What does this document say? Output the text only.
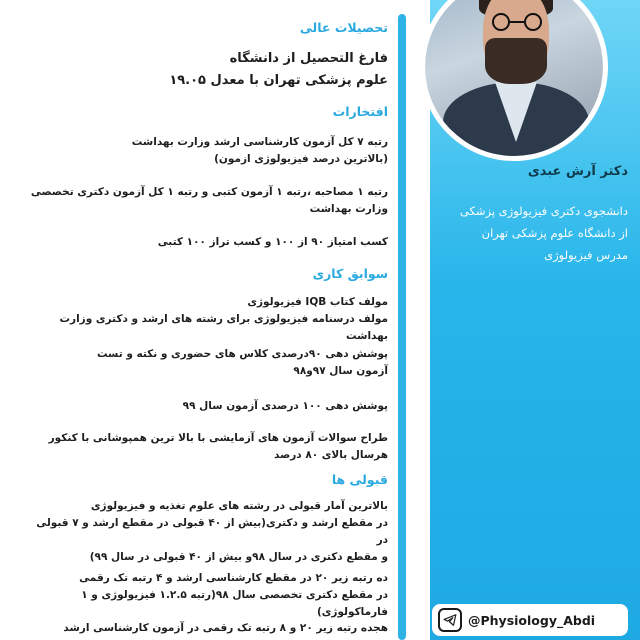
دکتر آرش عبدی
دانشجوی دکتری فیزیولوژی پزشکی
از دانشگاه علوم پزشکی تهران
مدرس فیزیولوژی
@Physiology_Abdi
تحصیلات عالی
فارغ التحصیل از دانشگاه
علوم پزشکی تهران با معدل ۱۹.۰۵
افتخارات
رتبه ۷ کل آزمون کارشناسی ارشد وزارت بهداشت
(بالاترین درصد فیزیولوژی ازمون)
رتبه ۱ مصاحبه ،رتبه ۱ آزمون کتبی و رتبه ۱ کل آزمون دکتری تخصصی
وزارت بهداشت
کسب امتیاز ۹۰ از ۱۰۰ و کسب تراز ۱۰۰ کتبی
سوابق کاری
مولف کتاب IQB فیزیولوژی
مولف درسنامه فیزیولوژی برای رشته های ارشد و دکتری وزارت بهداشت
پوشش دهی ۹۰درصدی کلاس های حضوری و نکته و تست
آزمون سال ۹۷و۹۸
پوشش دهی ۱۰۰ درصدی آزمون سال ۹۹
طراح سوالات آزمون های آزمایشی با بالا ترین همپوشانی با کنکور
هرسال بالای ۸۰ درصد
قبولی ها
بالاترین آمار قبولی در رشته های علوم تغذیه و فیزیولوژی
در مقطع ارشد و دکتری(بیش از ۴۰ قبولی در مقطع ارشد و ۷ قبولی در
و مقطع دکتری در سال ۹۸و بیش از ۴۰ قبولی در سال ۹۹)
ده رتبه زیر ۲۰ در مقطع کارشناسی ارشد و ۴ رتبه تک رقمی
در مقطع دکتری تخصصی سال ۹۸(رتبه ۱.۲.۵ فیزیولوژی و ۱ فارماکولوژی)
هجده رتبه زیر ۲۰ و ۸ رتبه تک رقمی در آزمون کارشناسی ارشد
